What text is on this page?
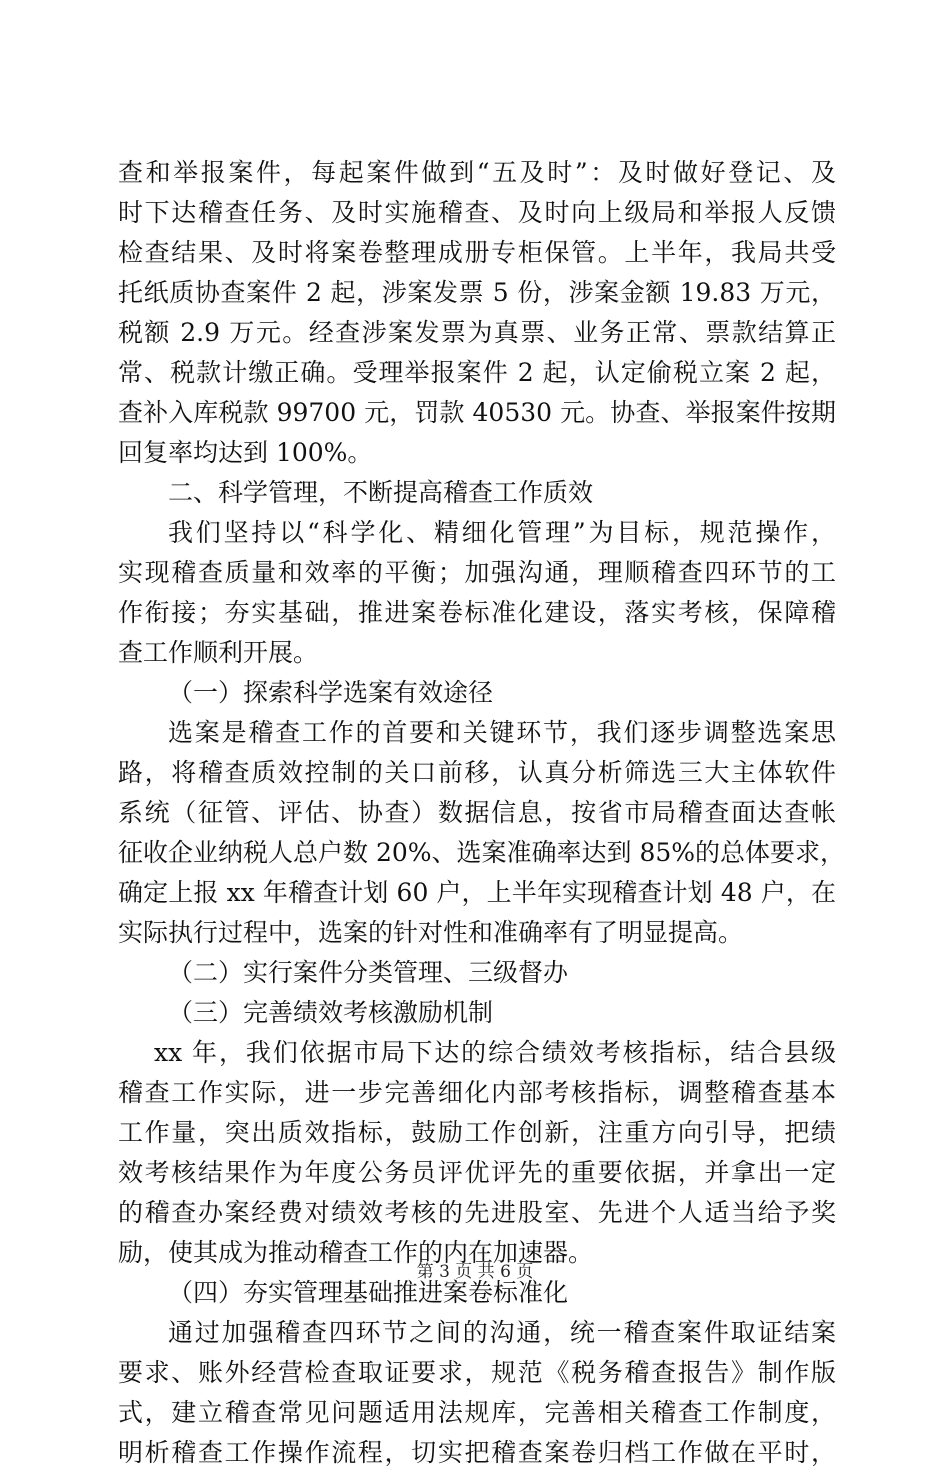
查和举报案件，每起案件做到“五及时”：及时做好登记、及
时下达稽查任务、及时实施稽查、及时向上级局和举报人反馈
检查结果、及时将案卷整理成册专柜保管。上半年，我局共受
托纸质协查案件 2 起，涉案发票 5 份，涉案金额 19.83 万元，
税额 2.9 万元。经查涉案发票为真票、业务正常、票款结算正
常、税款计缴正确。受理举报案件 2 起，认定偷税立案 2 起，
查补入库税款 99700 元，罚款 40530 元。协查、举报案件按期
回复率均达到 100%。
二、科学管理，不断提高稽查工作质效
我们坚持以“科学化、精细化管理”为目标，规范操作，
实现稽查质量和效率的平衡；加强沟通，理顺稽查四环节的工
作衔接；夯实基础，推进案卷标准化建设，落实考核，保障稽
查工作顺利开展。
（一）探索科学选案有效途径
选案是稽查工作的首要和关键环节，我们逐步调整选案思
路，将稽查质效控制的关口前移，认真分析筛选三大主体软件
系统（征管、评估、协查）数据信息，按省市局稽查面达查帐
征收企业纳税人总户数 20%、选案准确率达到 85%的总体要求，
确定上报 xx 年稽查计划 60 户，上半年实现稽查计划 48 户，在
实际执行过程中，选案的针对性和准确率有了明显提高。
（二）实行案件分类管理、三级督办
（三）完善绩效考核激励机制
xx 年，我们依据市局下达的综合绩效考核指标，结合县级
稽查工作实际，进一步完善细化内部考核指标，调整稽查基本
工作量，突出质效指标，鼓励工作创新，注重方向引导，把绩
效考核结果作为年度公务员评优评先的重要依据，并拿出一定
的稽查办案经费对绩效考核的先进股室、先进个人适当给予奖
励，使其成为推动稽查工作的内在加速器。
（四）夯实管理基础推进案卷标准化
通过加强稽查四环节之间的沟通，统一稽查案件取证结案
要求、账外经营检查取证要求，规范《税务稽查报告》制作版
式，建立稽查常见问题适用法规库，完善相关稽查工作制度，
明析稽查工作操作流程，切实把稽查案卷归档工作做在平时，
第 3 页 共 6 页
